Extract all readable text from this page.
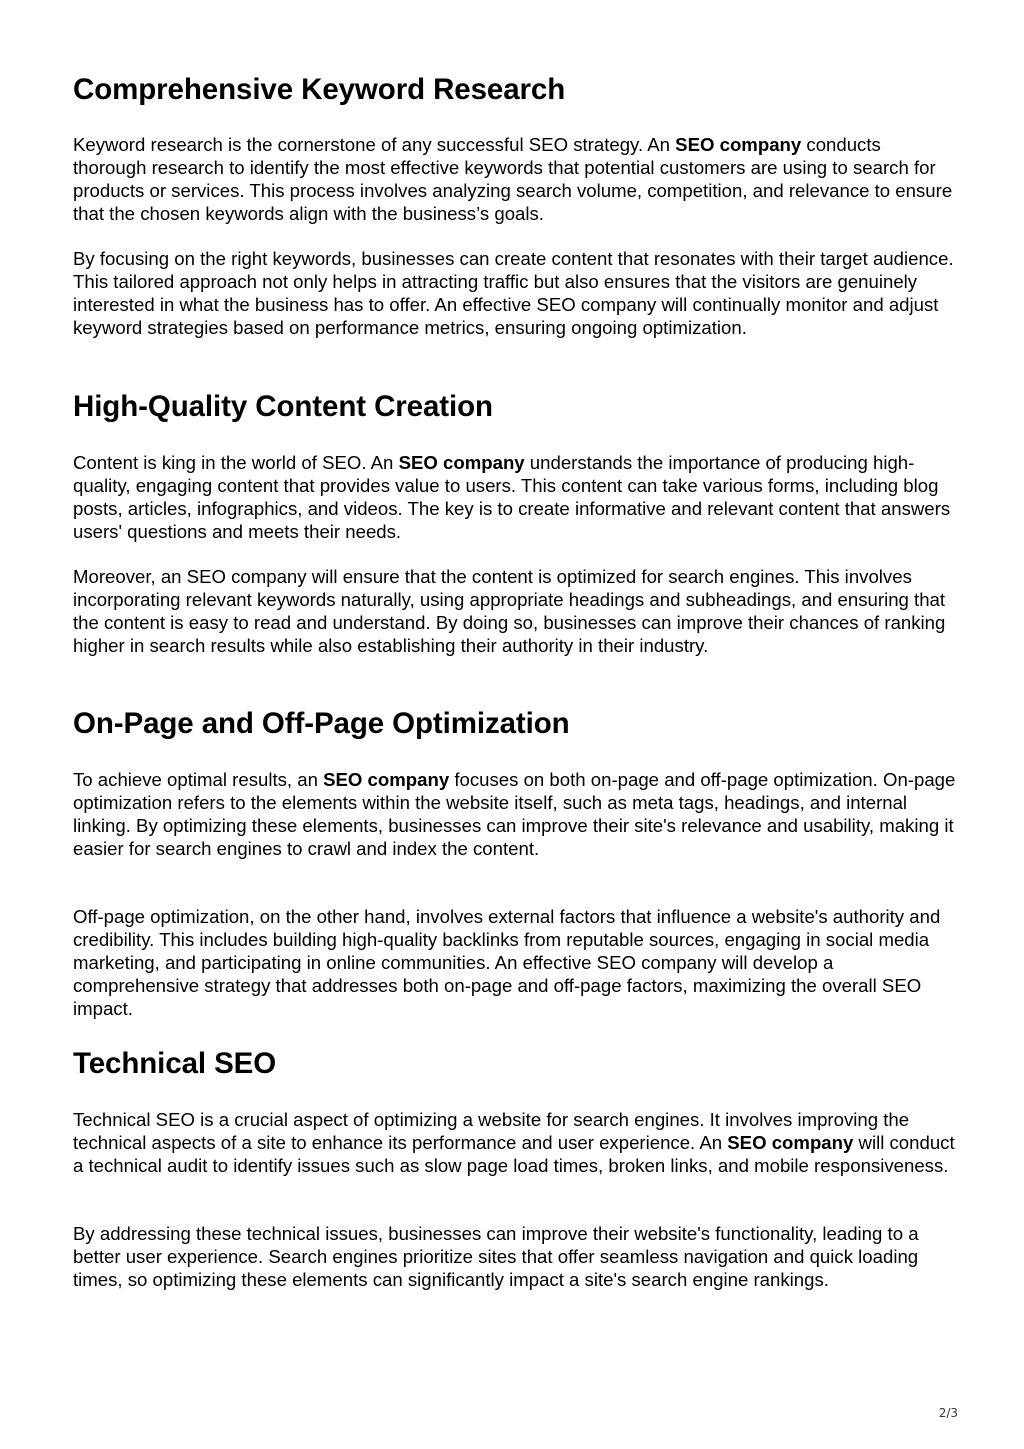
Comprehensive Keyword Research

Keyword research is the cornerstone of any successful SEO strategy. An SEO company conducts thorough research to identify the most effective keywords that potential customers are using to search for products or services. This process involves analyzing search volume, competition, and relevance to ensure that the chosen keywords align with the business’s goals.

By focusing on the right keywords, businesses can create content that resonates with their target audience. This tailored approach not only helps in attracting traffic but also ensures that the visitors are genuinely interested in what the business has to offer. An effective SEO company will continually monitor and adjust keyword strategies based on performance metrics, ensuring ongoing optimization.

High-Quality Content Creation

Content is king in the world of SEO. An SEO company understands the importance of producing high-quality, engaging content that provides value to users. This content can take various forms, including blog posts, articles, infographics, and videos. The key is to create informative and relevant content that answers users' questions and meets their needs.

Moreover, an SEO company will ensure that the content is optimized for search engines. This involves incorporating relevant keywords naturally, using appropriate headings and subheadings, and ensuring that the content is easy to read and understand. By doing so, businesses can improve their chances of ranking higher in search results while also establishing their authority in their industry.

On-Page and Off-Page Optimization

To achieve optimal results, an SEO company focuses on both on-page and off-page optimization. On-page optimization refers to the elements within the website itself, such as meta tags, headings, and internal linking. By optimizing these elements, businesses can improve their site's relevance and usability, making it easier for search engines to crawl and index the content.

Off-page optimization, on the other hand, involves external factors that influence a website's authority and credibility. This includes building high-quality backlinks from reputable sources, engaging in social media marketing, and participating in online communities. An effective SEO company will develop a comprehensive strategy that addresses both on-page and off-page factors, maximizing the overall SEO impact.

Technical SEO

Technical SEO is a crucial aspect of optimizing a website for search engines. It involves improving the technical aspects of a site to enhance its performance and user experience. An SEO company will conduct a technical audit to identify issues such as slow page load times, broken links, and mobile responsiveness.

By addressing these technical issues, businesses can improve their website's functionality, leading to a better user experience. Search engines prioritize sites that offer seamless navigation and quick loading times, so optimizing these elements can significantly impact a site's search engine rankings.

2/3
